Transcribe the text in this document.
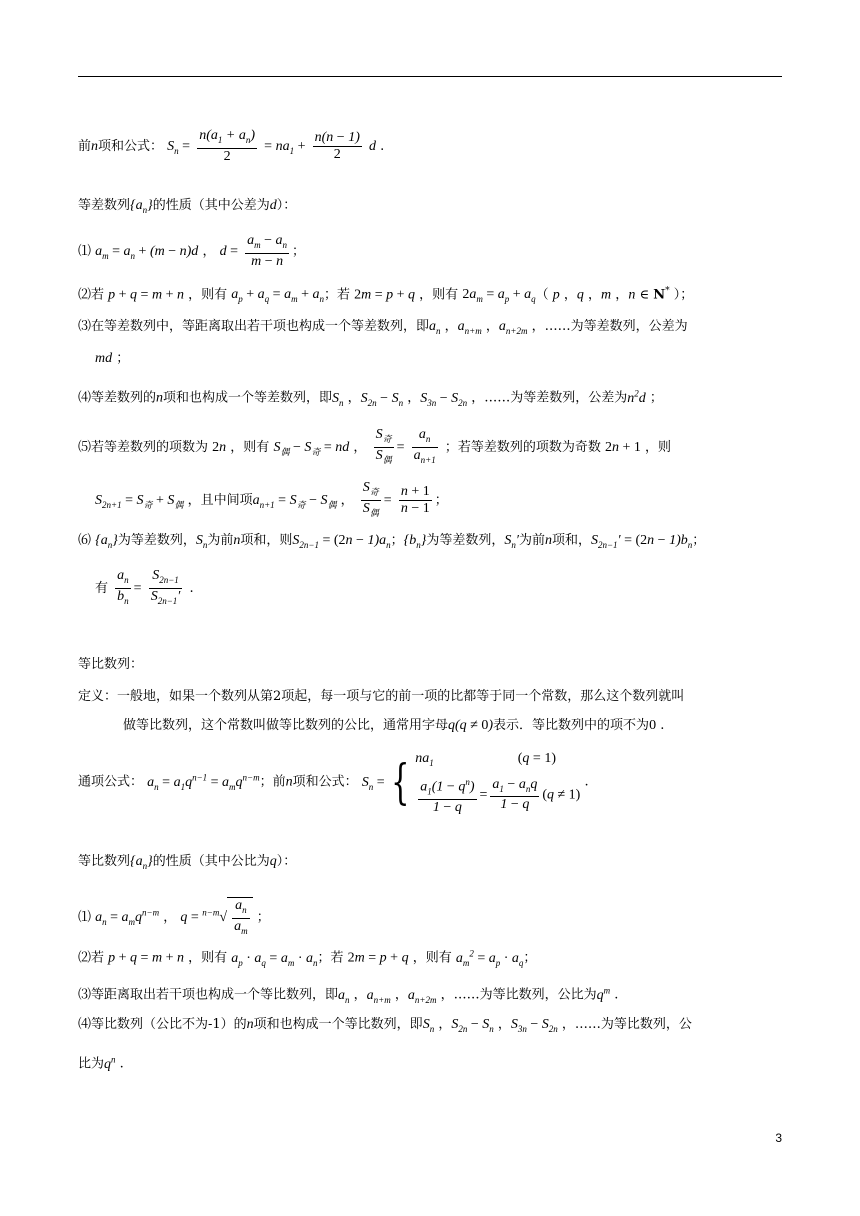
前n项和公式： $S_n = \frac{n(a_1 + a_n)}{2} = na_1 + \frac{n(n - 1)}{2}$ d .
等差数列$\{a_n\}$的性质（其中公差为d）：
⑴ $a_m = a_n + (m - n)d$ ， $d = \frac{a_m - a_n}{m - n}$ ；
⑵若 p + q = m + n ，则有 $a_p + a_q = a_m + a_n$；若 2m = p + q ，则有 $2a_m = a_p + a_q$（ p ，q ，m ，n ∈ N* ）；
⑶在等差数列中，等距离取出若干项也构成一个等差数列，即$a_n$ ，$a_{n+m}$ ，$a_{n+2m}$ ，……为等差数列，公差为
md ；
⑷等差数列的n项和也构成一个等差数列，即$S_n$ ，$S_{2n} - S_n$ ，$S_{3n} - S_{2n}$ ，……为等差数列，公差为$n^2d$ ；
⑸若等差数列的项数为 2n ，则有 $S_偶 - S_奇$ = nd ， $\frac{S_奇}{S_偶} = \frac{a_n}{a_{n+1}}$ ；若等差数列的项数为奇数 2n + 1 ，则
$S_{2n+1} = S_奇 + S_偶$ ，且中间项$a_{n+1} = S_奇 - S_偶$ ， $\frac{S_奇}{S_偶} = \frac{n + 1}{n - 1}$ ；
⑹ $\{a_n\}$为等差数列，$S_n$为前n项和，则$S_{2n-1} = (2n - 1)a_n$；$\{b_n\}$为等差数列，$S_n'$为前n项和，$S_{2n-1}' = (2n - 1)b_n$；
有 $\frac{a_n}{b_n} = \frac{S_{2n-1}}{S_{2n-1}'}$ .
等比数列：
定义：一般地，如果一个数列从第2项起，每一项与它的前一项的比都等于同一个常数，那么这个数列就叫
做等比数列，这个常数叫做等比数列的公比，通常用字母q(q ≠ 0)表示．等比数列中的项不为0 .
通项公式： $a_n = a_1q^{n-1} = a_mq^{n-m}$；前n项和公式： $S_n$ = { $na_1$	(q = 1)
$\frac{a_1(1 - q^n)}{1 - q} = \frac{a_1 - a_nq}{1 - q} (q \ne 1)$
.
等比数列$\{a_n\}$的性质（其中公比为q）：
⑴ $a_n = a_mq^{n-m}$ ， $q = ^{n-m}√ \frac{a_n}{a_m}$ ；
⑵若 p + q = m + n ，则有 $a_p \cdot a_q = a_m \cdot a_n$；若 2m = p + q ，则有 $a_m^2 = a_p \cdot a_q$；
⑶等距离取出若干项也构成一个等比数列，即$a_n$ ，$a_{n+m}$ ，$a_{n+2m}$ ，……为等比数列，公比为$q^m$ .
⑷等比数列（公比不为-1）的n项和也构成一个等比数列，即$S_n$ ，$S_{2n} - S_n$ ，$S_{3n} - S_{2n}$ ，……为等比数列，公
比为$q^n$ .
3
